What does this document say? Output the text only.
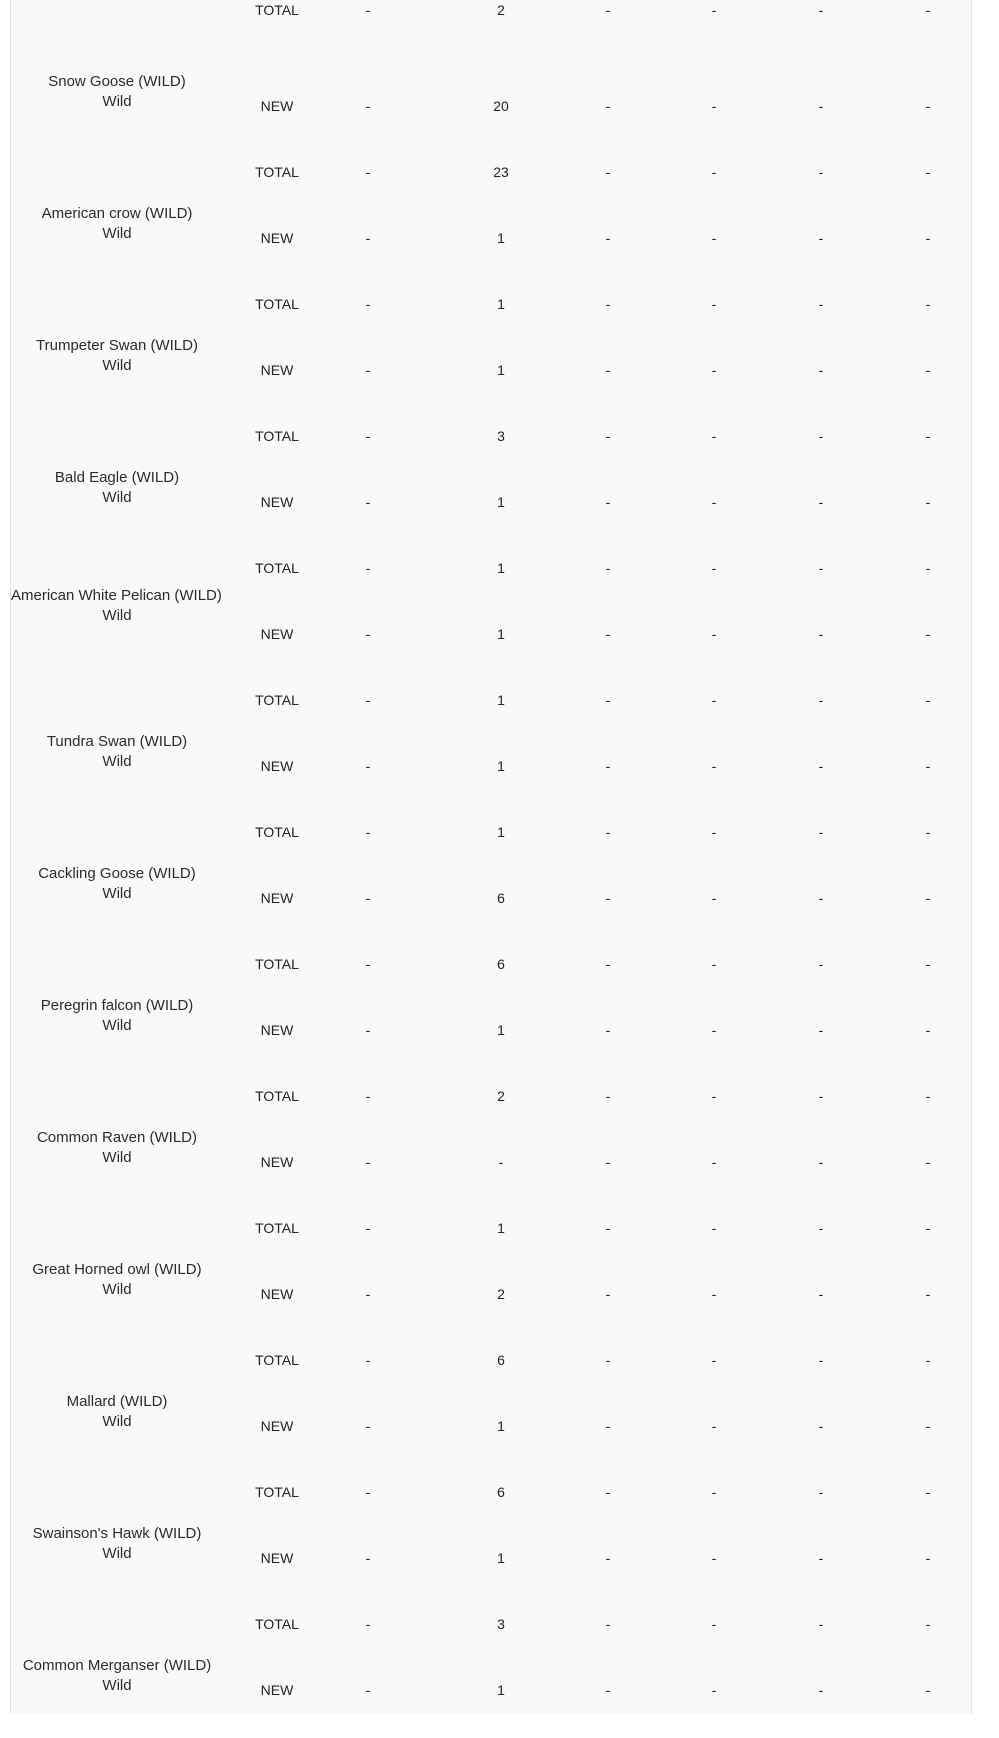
TOTAL	-	2	-	-	-	-
Snow Goose (WILD)
Wild	NEW	-	20	-	-	-	-
TOTAL	-	23	-	-	-	-
American crow (WILD)
Wild	NEW	-	1	-	-	-	-
TOTAL	-	1	-	-	-	-
Trumpeter Swan (WILD)
Wild	NEW	-	1	-	-	-	-
TOTAL	-	3	-	-	-	-
Bald Eagle (WILD)
Wild	NEW	-	1	-	-	-	-
TOTAL	-	1	-	-	-	-
American White Pelican (WILD)
Wild
NEW	-	1	-	-	-	-
TOTAL	-	1	-	-	-	-
Tundra Swan (WILD)
Wild	NEW	-	1	-	-	-	-
TOTAL	-	1	-	-	-	-
Cackling Goose (WILD)
Wild	NEW	-	6	-	-	-	-
TOTAL	-	6	-	-	-	-
Peregrin falcon (WILD)
Wild	NEW	-	1	-	-	-	-
TOTAL	-	2	-	-	-	-
Common Raven (WILD)
Wild	NEW	-	-	-	-	-	-
TOTAL	-	1	-	-	-	-
Great Horned owl (WILD)
Wild	NEW	-	2	-	-	-	-
TOTAL	-	6	-	-	-	-
Mallard (WILD)
Wild	NEW	-	1	-	-	-	-
TOTAL	-	6	-	-	-	-
Swainson's Hawk (WILD)
Wild	NEW	-	1	-	-	-	-
TOTAL	-	3	-	-	-	-
Common Merganser (WILD)
Wild	NEW	-	1	-	-	-	-
